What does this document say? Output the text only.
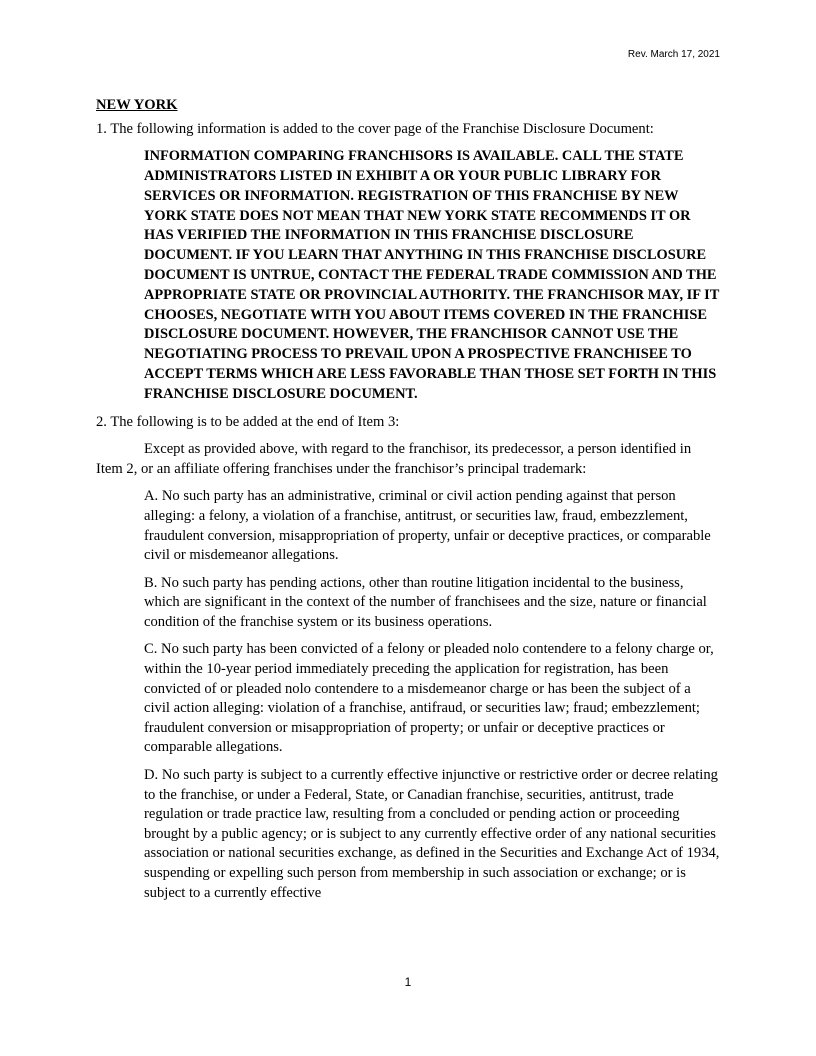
Rev. March 17, 2021

NEW YORK

1. The following information is added to the cover page of the Franchise Disclosure Document:

INFORMATION COMPARING FRANCHISORS IS AVAILABLE. CALL THE STATE ADMINISTRATORS LISTED IN EXHIBIT A OR YOUR PUBLIC LIBRARY FOR SERVICES OR INFORMATION. REGISTRATION OF THIS FRANCHISE BY NEW YORK STATE DOES NOT MEAN THAT NEW YORK STATE RECOMMENDS IT OR HAS VERIFIED THE INFORMATION IN THIS FRANCHISE DISCLOSURE DOCUMENT. IF YOU LEARN THAT ANYTHING IN THIS FRANCHISE DISCLOSURE DOCUMENT IS UNTRUE, CONTACT THE FEDERAL TRADE COMMISSION AND THE APPROPRIATE STATE OR PROVINCIAL AUTHORITY. THE FRANCHISOR MAY, IF IT CHOOSES, NEGOTIATE WITH YOU ABOUT ITEMS COVERED IN THE FRANCHISE DISCLOSURE DOCUMENT. HOWEVER, THE FRANCHISOR CANNOT USE THE NEGOTIATING PROCESS TO PREVAIL UPON A PROSPECTIVE FRANCHISEE TO ACCEPT TERMS WHICH ARE LESS FAVORABLE THAN THOSE SET FORTH IN THIS FRANCHISE DISCLOSURE DOCUMENT.

2. The following is to be added at the end of Item 3:

Except as provided above, with regard to the franchisor, its predecessor, a person identified in Item 2, or an affiliate offering franchises under the franchisor’s principal trademark:

A. No such party has an administrative, criminal or civil action pending against that person alleging: a felony, a violation of a franchise, antitrust, or securities law, fraud, embezzlement, fraudulent conversion, misappropriation of property, unfair or deceptive practices, or comparable civil or misdemeanor allegations.

B. No such party has pending actions, other than routine litigation incidental to the business, which are significant in the context of the number of franchisees and the size, nature or financial condition of the franchise system or its business operations.

C. No such party has been convicted of a felony or pleaded nolo contendere to a felony charge or, within the 10-year period immediately preceding the application for registration, has been convicted of or pleaded nolo contendere to a misdemeanor charge or has been the subject of a civil action alleging: violation of a franchise, antifraud, or securities law; fraud; embezzlement; fraudulent conversion or misappropriation of property; or unfair or deceptive practices or comparable allegations.

D. No such party is subject to a currently effective injunctive or restrictive order or decree relating to the franchise, or under a Federal, State, or Canadian franchise, securities, antitrust, trade regulation or trade practice law, resulting from a concluded or pending action or proceeding brought by a public agency; or is subject to any currently effective order of any national securities association or national securities exchange, as defined in the Securities and Exchange Act of 1934, suspending or expelling such person from membership in such association or exchange; or is subject to a currently effective

1
